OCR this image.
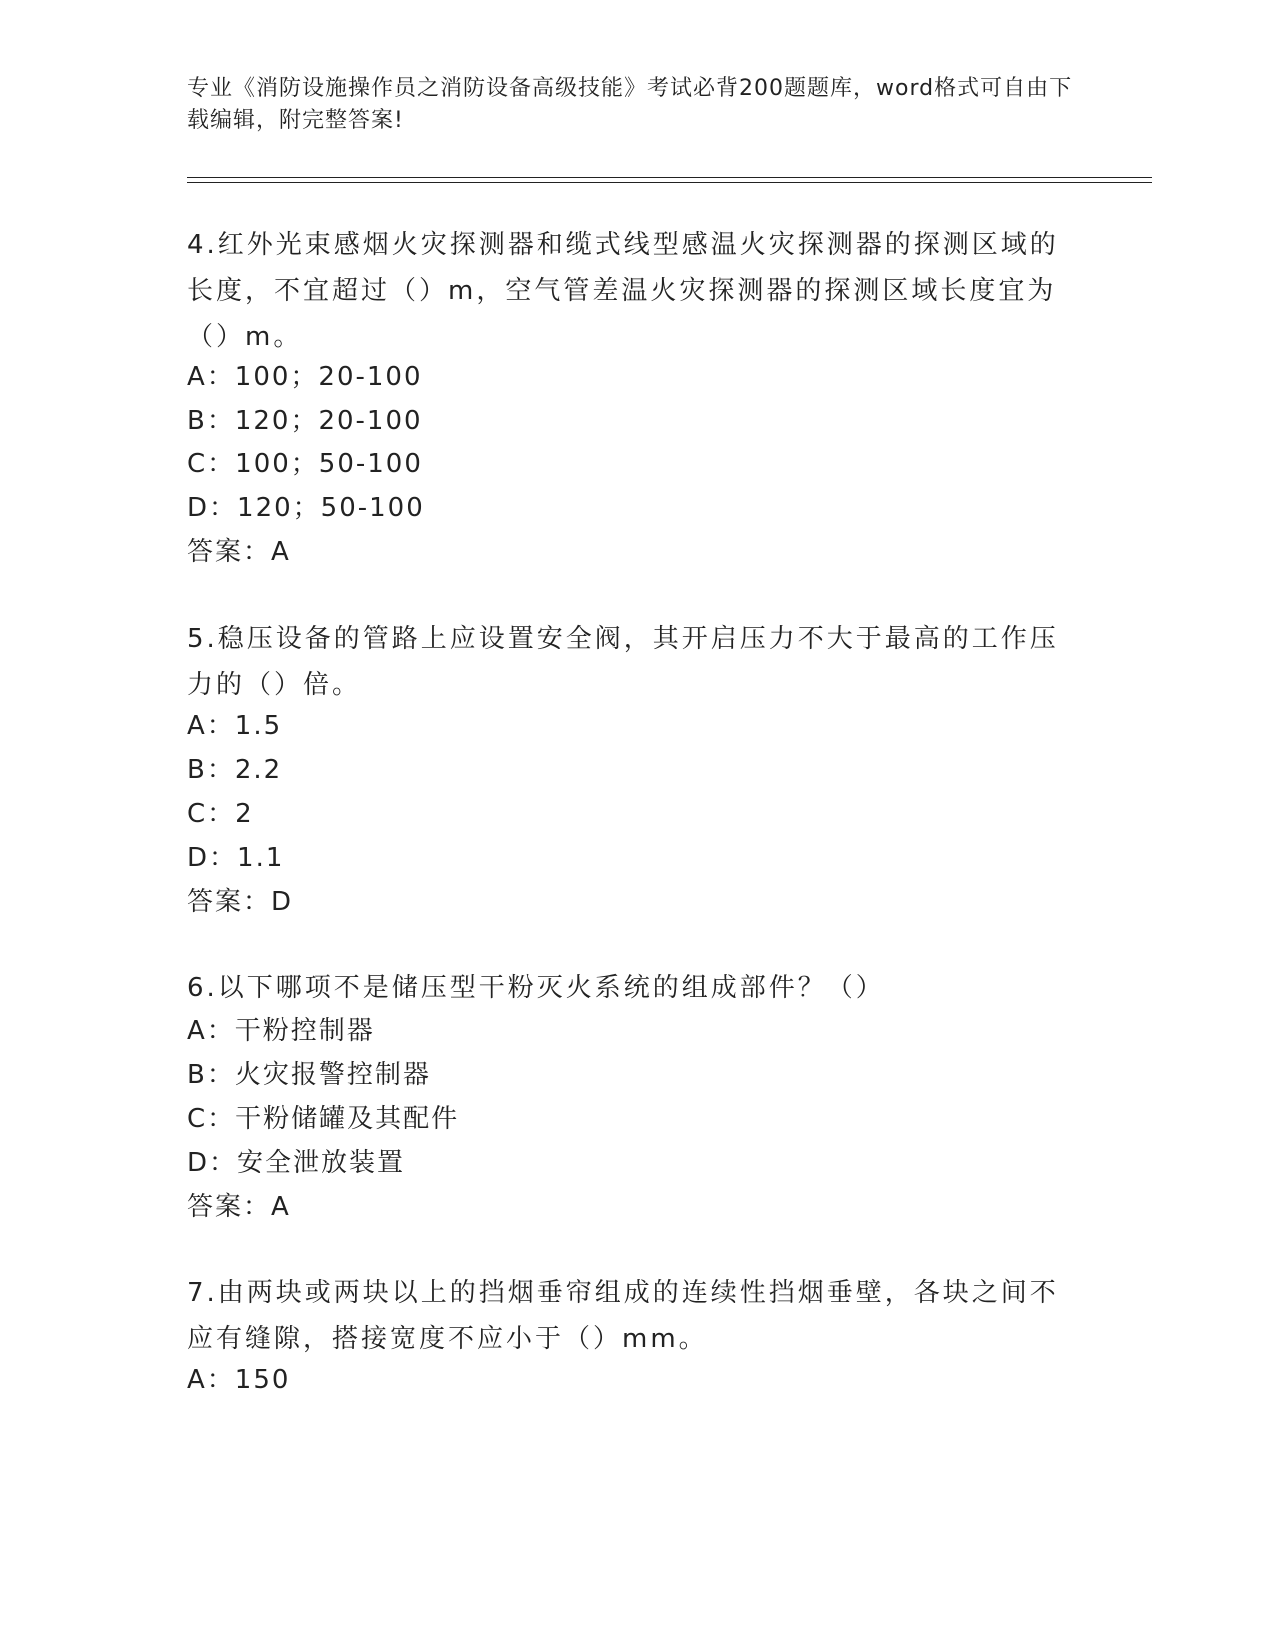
专业《消防设施操作员之消防设备高级技能》考试必背200题题库，word格式可自由下载编辑，附完整答案!
4.红外光束感烟火灾探测器和缆式线型感温火灾探测器的探测区域的长度，不宜超过（）m，空气管差温火灾探测器的探测区域长度宜为（）m。
A：100；20-100
B：120；20-100
C：100；50-100
D：120；50-100
答案：A
5.稳压设备的管路上应设置安全阀，其开启压力不大于最高的工作压力的（）倍。
A：1.5
B：2.2
C：2
D：1.1
答案：D
6.以下哪项不是储压型干粉灭火系统的组成部件？（）
A：干粉控制器
B：火灾报警控制器
C：干粉储罐及其配件
D：安全泄放装置
答案：A
7.由两块或两块以上的挡烟垂帘组成的连续性挡烟垂壁，各块之间不应有缝隙，搭接宽度不应小于（）mm。
A：150
